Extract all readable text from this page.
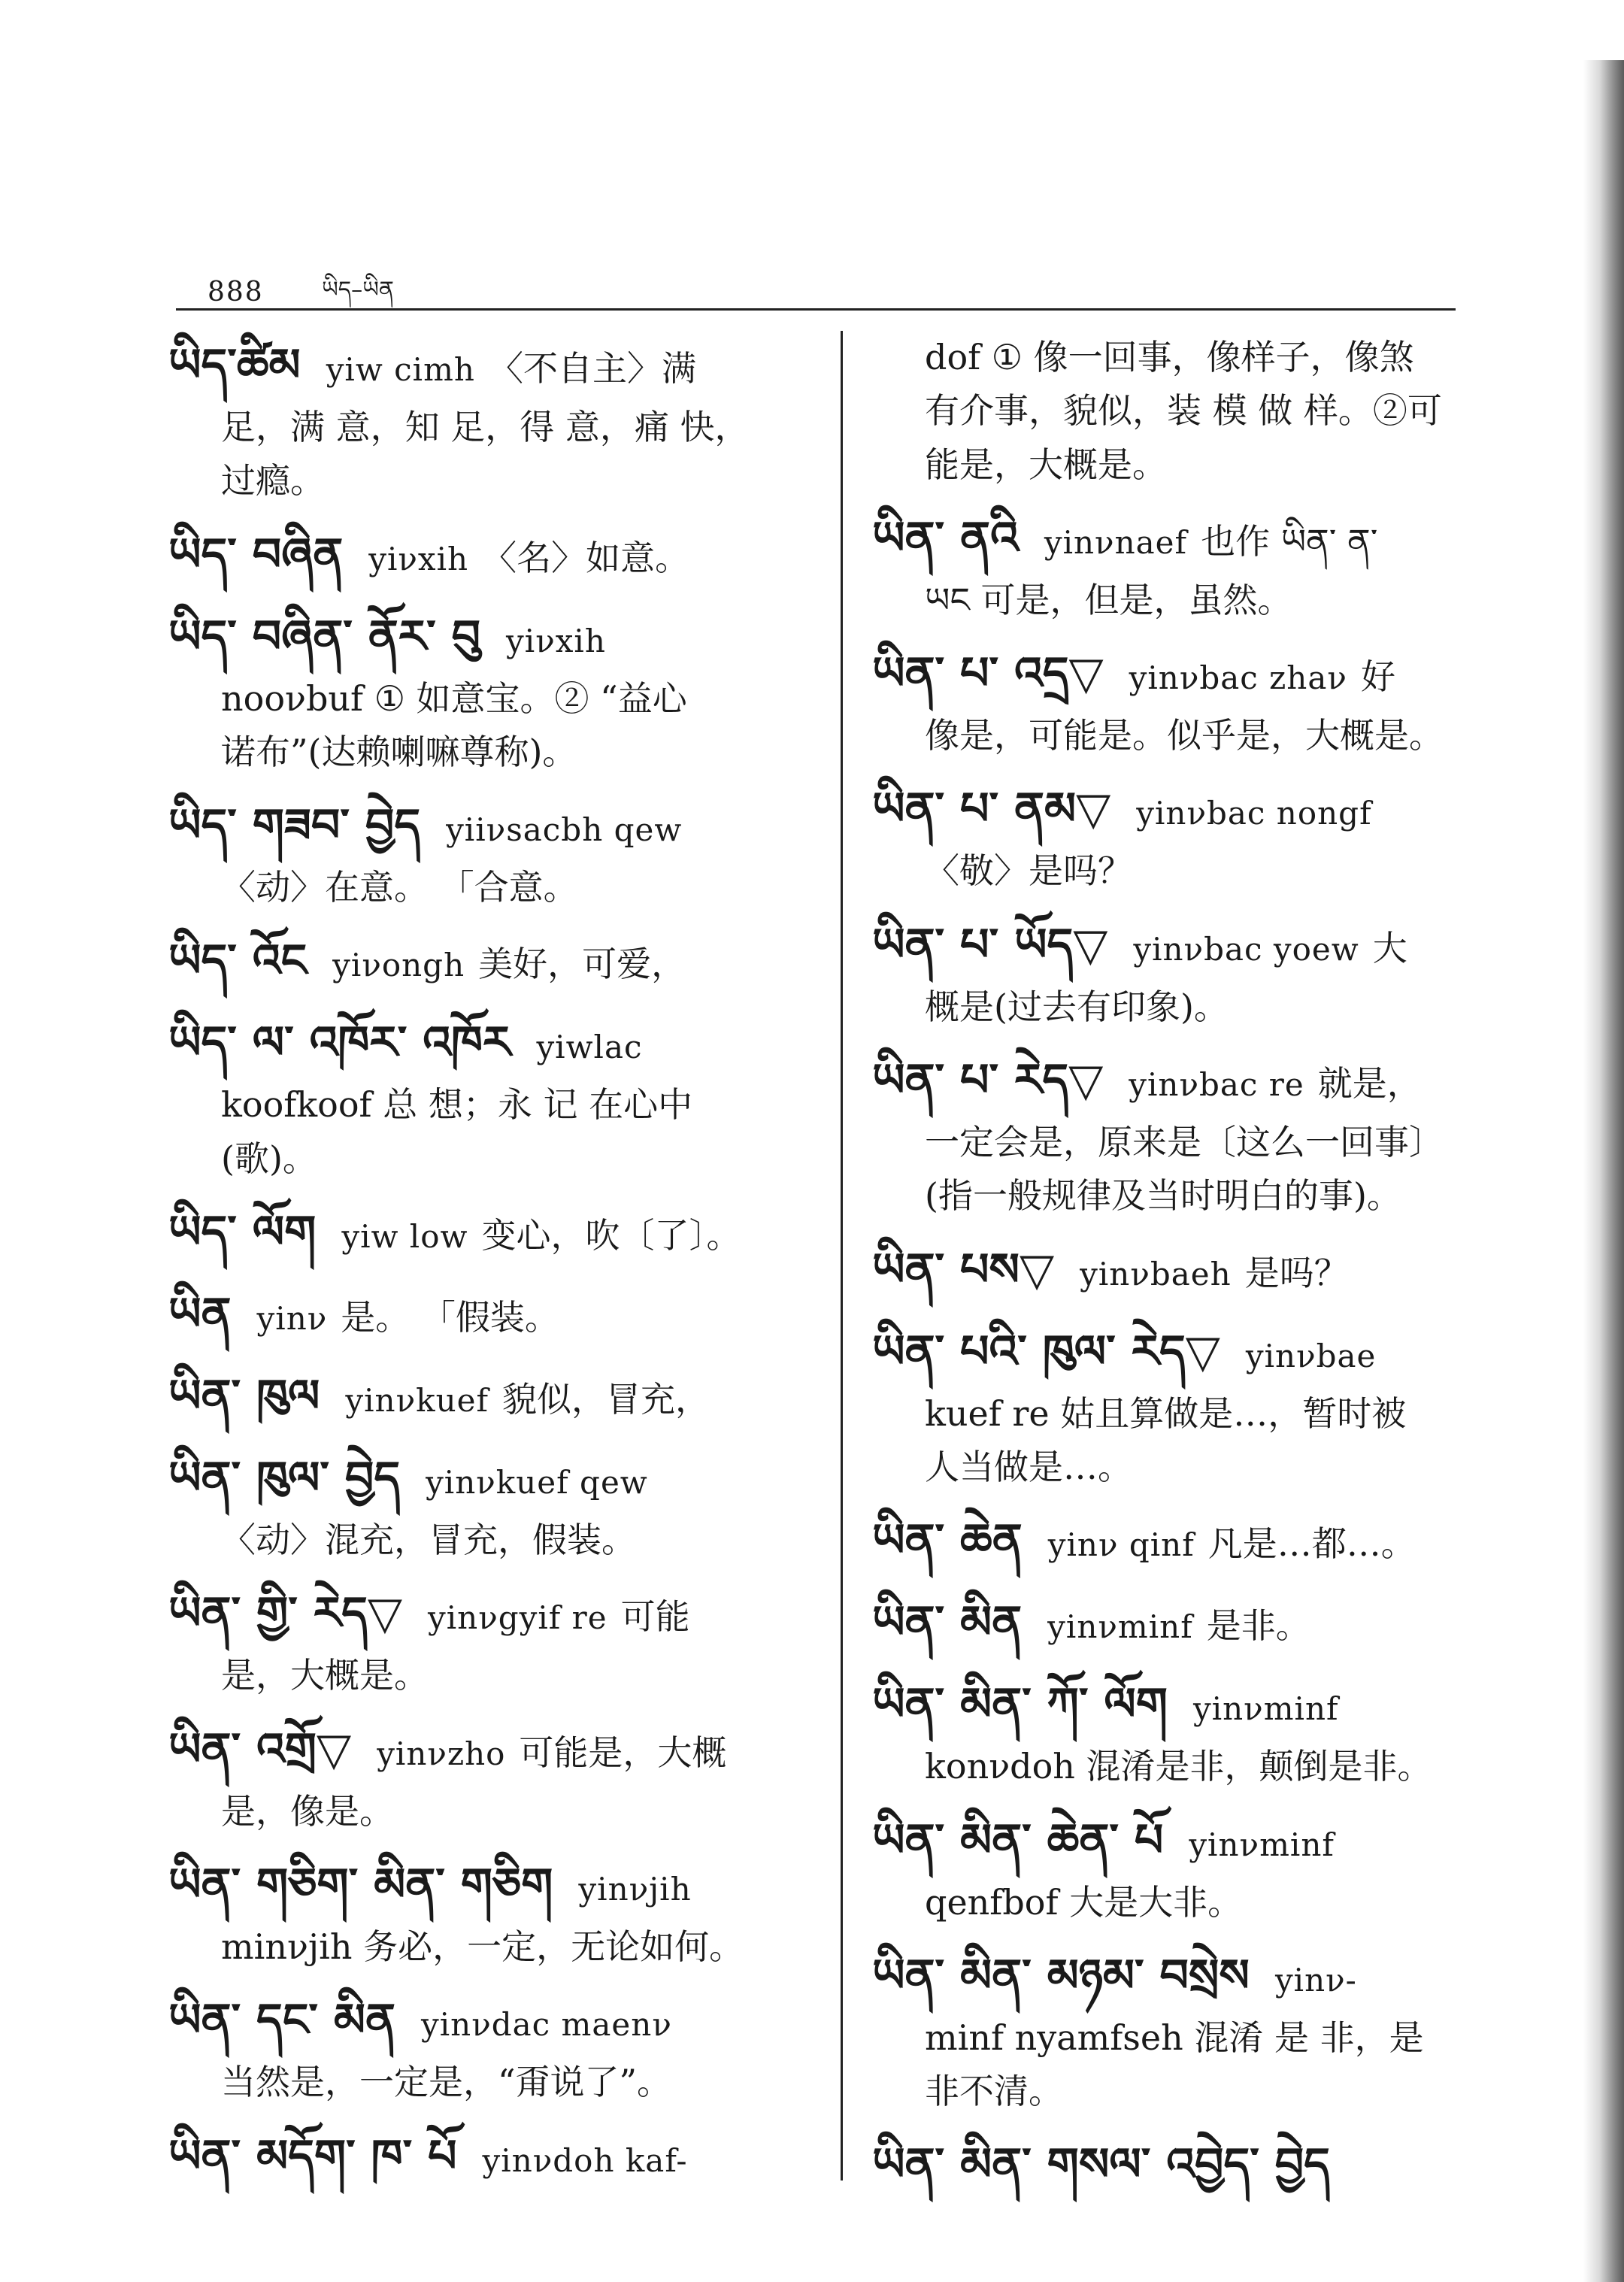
888	ཡིད–ཡིན
ཡིད་ཚིམ yiw cimh 〈不自主〉满
足，满 意，知 足，得 意，痛 快，
过瘾。
ཡིད་ བཞིན yiνxih 〈名〉如意。
ཡིད་ བཞིན་ ནོར་ བུ yiνxih
noονbuf ① 如意宝。② “益心
诺布”(达赖喇嘛尊称)。
ཡིད་ གཟབ་ བྱེད yiiνsacbh qew
〈动〉在意。 「合意。
ཡིད་ འོང yiνongh 美好，可爱，
ཡིད་ ལ་ འཁོར་ འཁོར yiwlac
koofkoof 总 想；永 记 在心中
(歌)。
ཡིད་ ལོག yiw low 变心，吹〔了〕。
ཡིན yinν 是。 「假装。
ཡིན་ ཁུལ yinνkuef 貌似，冒充，
ཡིན་ ཁུལ་ བྱེད yinνkuef qew
〈动〉混充，冒充，假装。
ཡིན་ གྱི་ རེད▽ yinνgyif re 可能
是，大概是。
ཡིན་ འགྲོ▽ yinνzho 可能是，大概
是，像是。
ཡིན་ གཅིག་ མིན་ གཅིག yinνjih
minνjih 务必，一定，无论如何。
ཡིན་ དང་ མིན yinνdac maenν
当然是，一定是，“甭说了”。
ཡིན་ མདོག་ ཁ་ པོ yinνdoh kaf-
dof ① 像一回事，像样子，像煞
有介事，貌似，装 模 做 样。②可
能是，大概是。
ཡིན་ ནའི yinνnaef 也作 ཡིན་ ན་
ཡང 可是，但是，虽然。
ཡིན་ པ་ འདྲ▽ yinνbac zhaν 好
像是，可能是。似乎是，大概是。
ཡིན་ པ་ ནམ▽ yinνbac nongf
〈敬〉是吗？
ཡིན་ པ་ ཡོད▽ yinνbac yoew 大
概是(过去有印象)。
ཡིན་ པ་ རེད▽ yinνbac re 就是，
一定会是，原来是〔这么一回事〕
(指一般规律及当时明白的事)。
ཡིན་ པས▽ yinνbaeh 是吗？
ཡིན་ པའི་ ཁུལ་ རེད▽ yinνbae
kuef re 姑且算做是…，暂时被
人当做是…。
ཡིན་ ཆེན yinν qinf 凡是…都…。
ཡིན་ མིན yinνminf 是非。
ཡིན་ མིན་ ཀོ་ ལོག yinνminf
konνdoh 混淆是非，颠倒是非。
ཡིན་ མིན་ ཆེན་ པོ yinνminf
qenfbof 大是大非。
ཡིན་ མིན་ མཉམ་ བསྲེས yinν-
minf nyamfseh 混淆 是 非，是
非不清。
ཡིན་ མིན་ གསལ་ འབྱེད་ བྱེད
